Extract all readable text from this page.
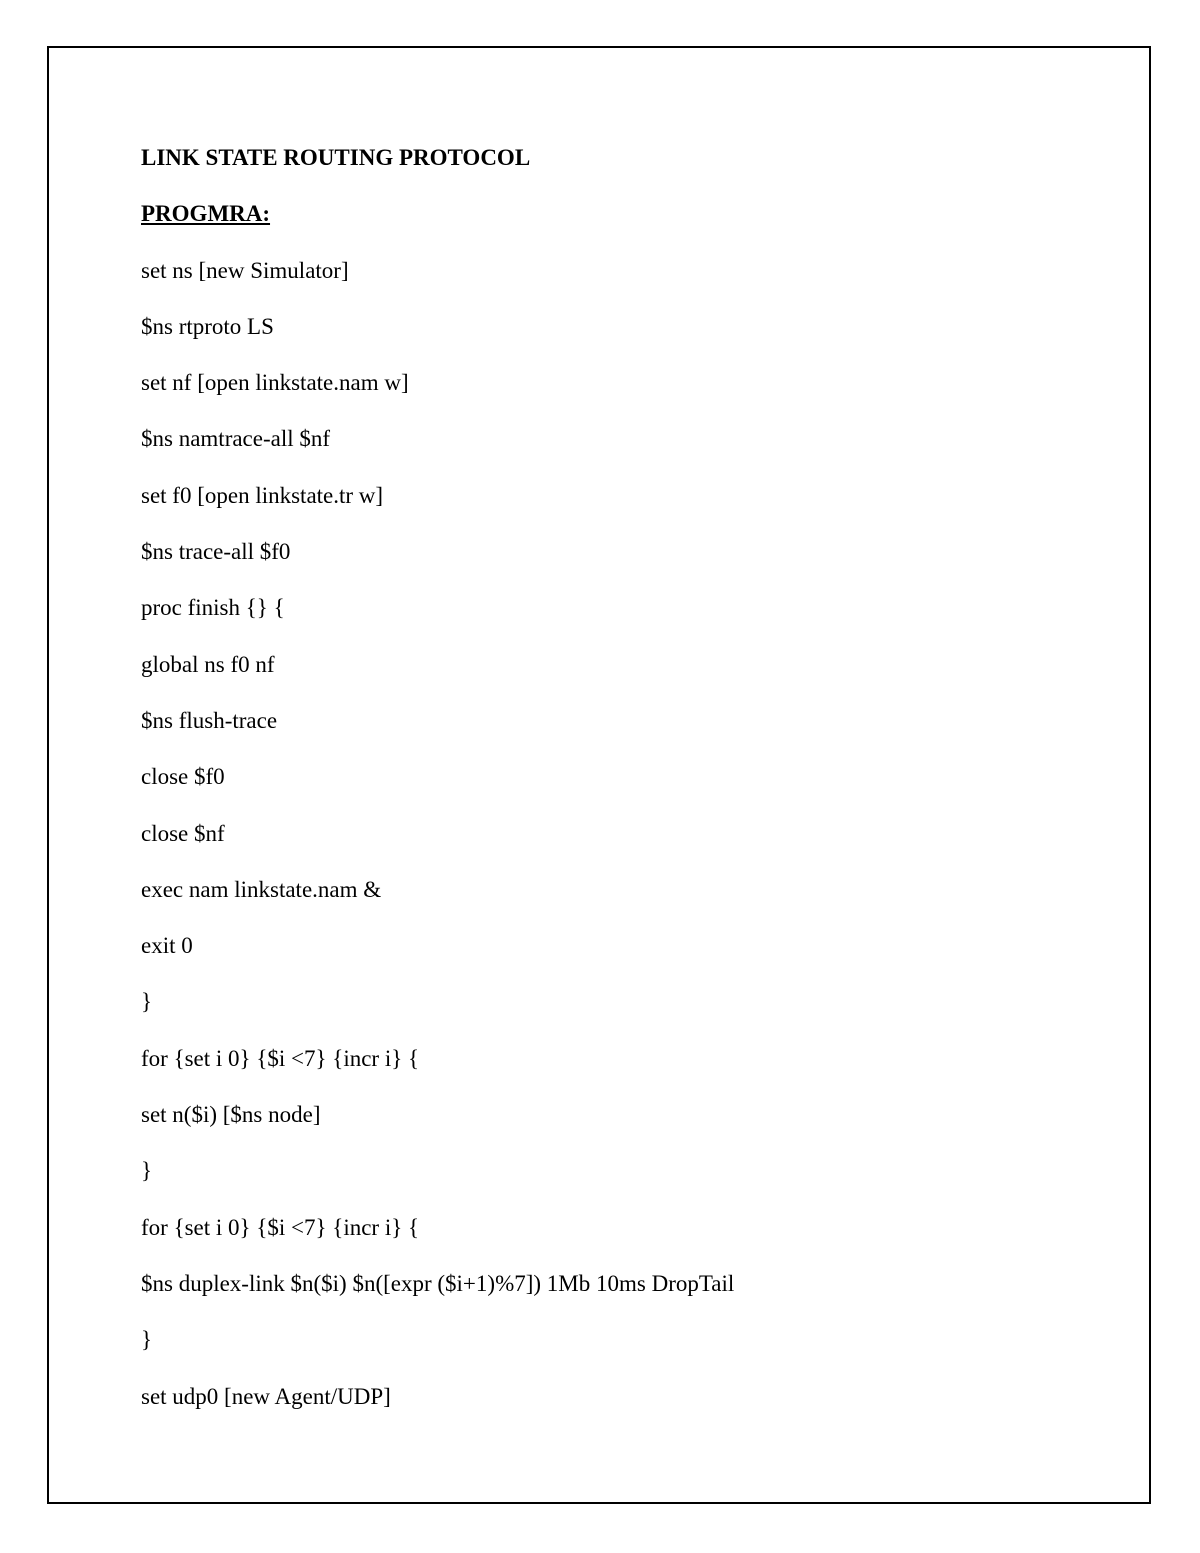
LINK STATE ROUTING PROTOCOL
PROGMRA:
set ns [new Simulator]
$ns rtproto LS
set nf [open linkstate.nam w]
$ns namtrace-all $nf
set f0 [open linkstate.tr w]
$ns trace-all $f0
proc finish {} {
global ns f0 nf
$ns flush-trace
close $f0
close $nf
exec nam linkstate.nam &
exit 0
}
for {set i 0} {$i <7} {incr i} {
set n($i) [$ns node]
}
for {set i 0} {$i <7} {incr i} {
$ns duplex-link $n($i) $n([expr ($i+1)%7]) 1Mb 10ms DropTail
}
set udp0 [new Agent/UDP]
